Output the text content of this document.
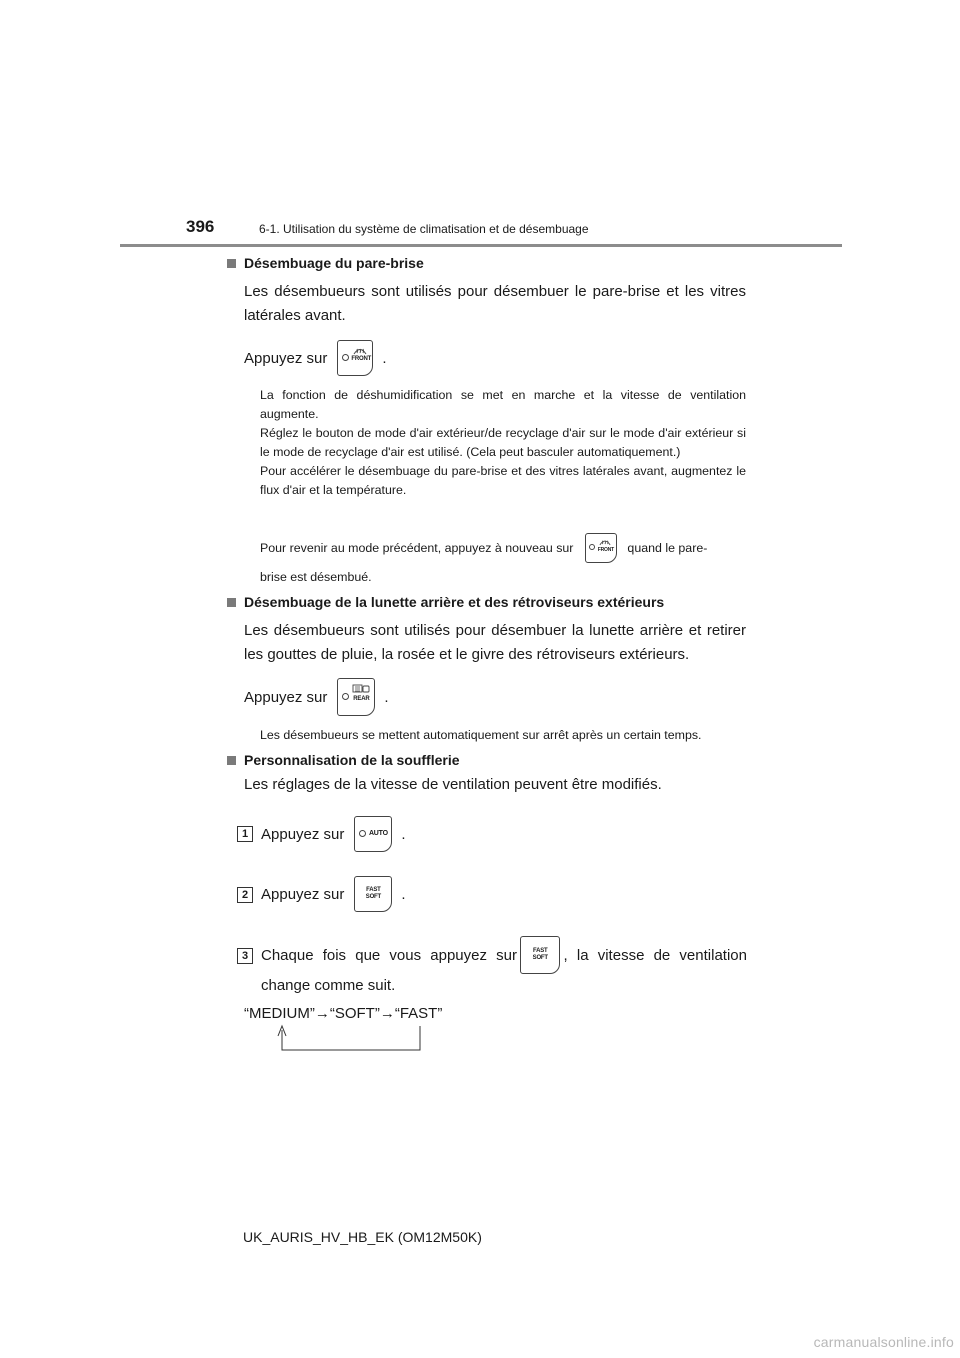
396	6-1. Utilisation du système de climatisation et de désembuage
Désembuage du pare-brise
Les désembueurs sont utilisés pour désembuer le pare-brise et les vitres latérales avant.
Appuyez sur	FRONT .
La fonction de déshumidification se met en marche et la vitesse de ventilation augmente.
Réglez le bouton de mode d'air extérieur/de recyclage d'air sur le mode d'air extérieur si le mode de recyclage d'air est utilisé. (Cela peut basculer automatiquement.)
Pour accélérer le désembuage du pare-brise et des vitres latérales avant, augmentez le flux d'air et la température.
Pour revenir au mode précédent, appuyez à nouveau sur	FRONT quand le pare-
brise est désembué.
Désembuage de la lunette arrière et des rétroviseurs extérieurs
Les désembueurs sont utilisés pour désembuer la lunette arrière et retirer les gouttes de pluie, la rosée et le givre des rétroviseurs extérieurs.
Appuyez sur	REAR .
Les désembueurs se mettent automatiquement sur arrêt après un certain temps.
Personnalisation de la soufflerie
Les réglages de la vitesse de ventilation peuvent être modifiés.
1 Appuyez sur	AUTO .
2 Appuyez sur	FAST
SOFT .
3 Chaque fois que vous appuyez sur	FAST
SOFT , la vitesse de ventilation
change comme suit.
“MEDIUM” → “SOFT” → “FAST”
UK_AURIS_HV_HB_EK (OM12M50K)
carmanualsonline.info
